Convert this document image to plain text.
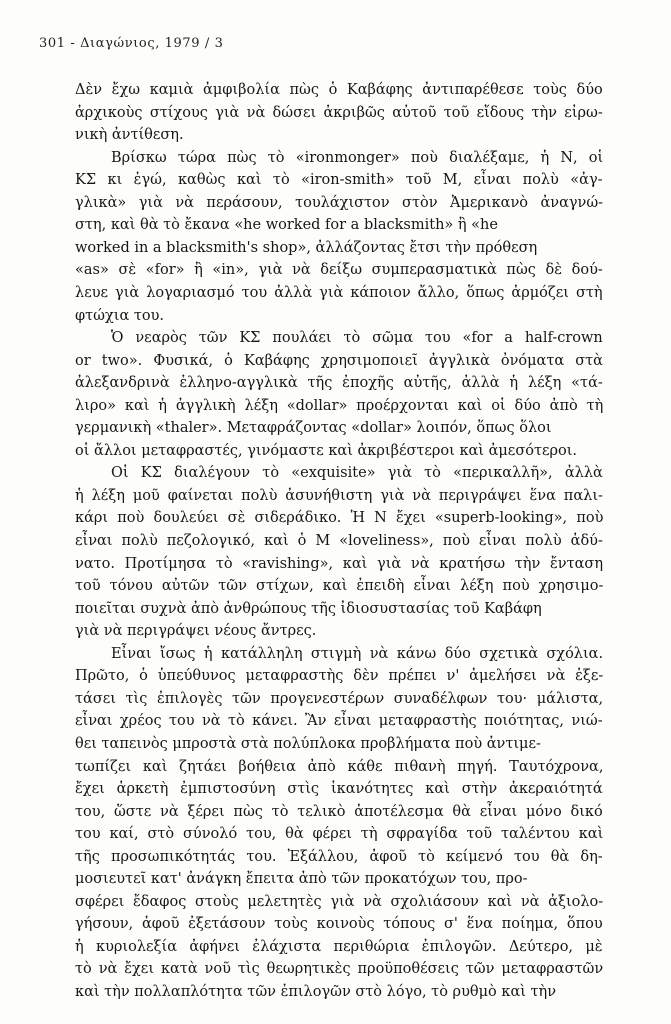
301 - Διαγώνιος, 1979 / 3
Δὲν ἔχω καμιὰ ἀμφιβολία πὼς ὁ Καβάφης ἀντιπαρέθεσε τοὺς δύο
ἀρχικοὺς στίχους γιὰ νὰ δώσει ἀκριβῶς αὐτοῦ τοῦ εἴδους τὴν εἰρω-
νικὴ ἀντίθεση.
Βρίσκω τώρα πὼς τὸ «ironmonger» ποὺ διαλέξαμε, ἡ Ν, οἱ
ΚΣ κι ἐγώ, καθὼς καὶ τὸ «iron-smith» τοῦ Μ, εἶναι πολὺ «ἀγ-
γλικὰ» γιὰ νὰ περάσουν, τουλάχιστον στὸν Ἀμερικανὸ ἀναγνώ-
στη, καὶ θὰ τὸ ἔκανα «he worked for a blacksmith» ἢ «he
worked in a blacksmith's shop», ἀλλάζοντας ἔτσι τὴν πρόθεση
«as» σὲ «for» ἢ «in», γιὰ νὰ δείξω συμπερασματικὰ πὼς δὲ δού-
λευε γιὰ λογαριασμό του ἀλλὰ γιὰ κάποιον ἄλλο, ὅπως ἁρμόζει στὴ
φτώχια του.
Ὁ νεαρὸς τῶν ΚΣ πουλάει τὸ σῶμα του «for a half-crown
or two». Φυσικά, ὁ Καβάφης χρησιμοποιεῖ ἀγγλικὰ ὀνόματα στὰ
ἀλεξανδρινὰ ἑλληνο-αγγλικὰ τῆς ἐποχῆς αὐτῆς, ἀλλὰ ἡ λέξη «τά-
λιρο» καὶ ἡ ἀγγλικὴ λέξη «dollar» προέρχονται καὶ οἱ δύο ἀπὸ τὴ
γερμανικὴ «thaler». Μεταφράζοντας «dollar» λοιπόν, ὅπως ὅλοι
οἱ ἄλλοι μεταφραστές, γινόμαστε καὶ ἀκριβέστεροι καὶ ἀμεσότεροι.
Οἱ ΚΣ διαλέγουν τὸ «exquisite» γιὰ τὸ «περικαλλῆ», ἀλλὰ
ἡ λέξη μοῦ φαίνεται πολὺ ἀσυνήθιστη γιὰ νὰ περιγράψει ἕνα παλι-
κάρι ποὺ δουλεύει σὲ σιδεράδικο. Ἡ Ν ἔχει «superb-looking», ποὺ
εἶναι πολὺ πεζολογικό, καὶ ὁ Μ «loveliness», ποὺ εἶναι πολὺ ἀδύ-
νατο. Προτίμησα τὸ «ravishing», καὶ γιὰ νὰ κρατήσω τὴν ἔνταση
τοῦ τόνου αὐτῶν τῶν στίχων, καὶ ἐπειδὴ εἶναι λέξη ποὺ χρησιμο-
ποιεῖται συχνὰ ἀπὸ ἀνθρώπους τῆς ἰδιοσυστασίας τοῦ Καβάφη
γιὰ νὰ περιγράψει νέους ἄντρες.
Εἶναι ἴσως ἡ κατάλληλη στιγμὴ νὰ κάνω δύο σχετικὰ σχόλια.
Πρῶτο, ὁ ὑπεύθυνος μεταφραστὴς δὲν πρέπει ν' ἀμελήσει νὰ ἐξε-
τάσει τὶς ἐπιλογὲς τῶν προγενεστέρων συναδέλφων του· μάλιστα,
εἶναι χρέος του νὰ τὸ κάνει. Ἂν εἶναι μεταφραστὴς ποιότητας, νιώ-
θει ταπεινὸς μπροστὰ στὰ πολύπλοκα προβλήματα ποὺ ἀντιμε-
τωπίζει καὶ ζητάει βοήθεια ἀπὸ κάθε πιθανὴ πηγή. Ταυτόχρονα,
ἔχει ἀρκετὴ ἐμπιστοσύνη στὶς ἱκανότητες καὶ στὴν ἀκεραιότητά
του, ὥστε νὰ ξέρει πὼς τὸ τελικὸ ἀποτέλεσμα θὰ εἶναι μόνο δικό
του καί, στὸ σύνολό του, θὰ φέρει τὴ σφραγίδα τοῦ ταλέντου καὶ
τῆς προσωπικότητάς του. Ἐξάλλου, ἀφοῦ τὸ κείμενό του θὰ δη-
μοσιευτεῖ κατ' ἀνάγκη ἔπειτα ἀπὸ τῶν προκατόχων του, προ-
σφέρει ἔδαφος στοὺς μελετητὲς γιὰ νὰ σχολιάσουν καὶ νὰ ἀξιολο-
γήσουν, ἀφοῦ ἐξετάσουν τοὺς κοινοὺς τόπους σ' ἕνα ποίημα, ὅπου
ἡ κυριολεξία ἀφήνει ἐλάχιστα περιθώρια ἐπιλογῶν. Δεύτερο, μὲ
τὸ νὰ ἔχει κατὰ νοῦ τὶς θεωρητικὲς προϋποθέσεις τῶν μεταφραστῶν
καὶ τὴν πολλαπλότητα τῶν ἐπιλογῶν στὸ λόγο, τὸ ρυθμὸ καὶ τὴν
